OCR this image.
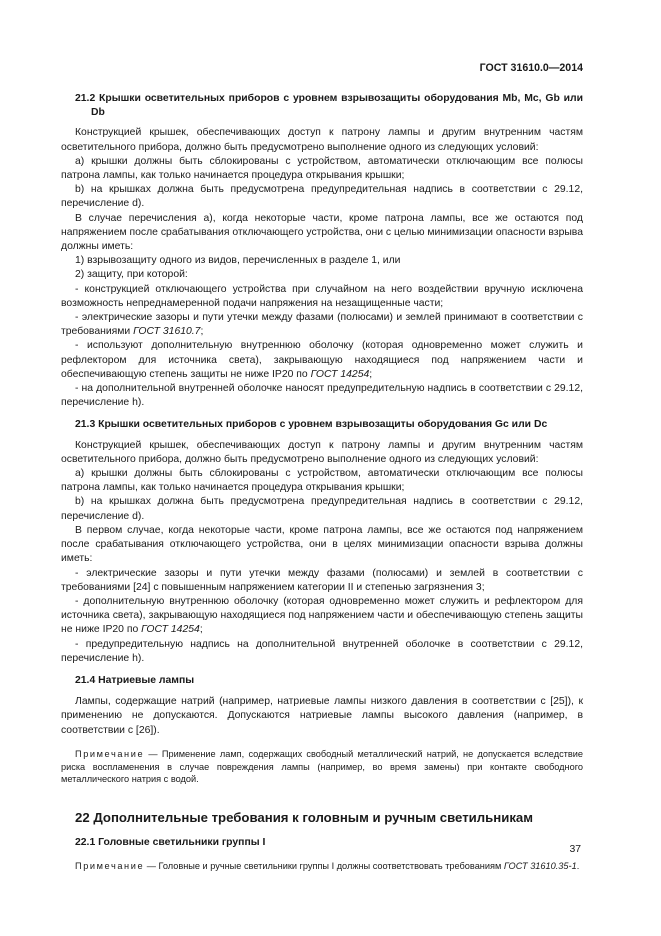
ГОСТ 31610.0—2014

21.2 Крышки осветительных приборов с уровнем взрывозащиты оборудования Mb, Mc, Gb или Db

Конструкцией крышек, обеспечивающих доступ к патрону лампы и другим внутренним частям осветительного прибора, должно быть предусмотрено выполнение одного из следующих условий:

а) крышки должны быть сблокированы с устройством, автоматически отключающим все полюсы патрона лампы, как только начинается процедура открывания крышки;

b) на крышках должна быть предусмотрена предупредительная надпись в соответствии с 29.12, перечисление d).

В случае перечисления а), когда некоторые части, кроме патрона лампы, все же остаются под напряжением после срабатывания отключающего устройства, они с целью минимизации опасности взрыва должны иметь:

1) взрывозащиту одного из видов, перечисленных в разделе 1, или

2) защиту, при которой:

- конструкцией отключающего устройства при случайном на него воздействии вручную исключена возможность непреднамеренной подачи напряжения на незащищенные части;

- электрические зазоры и пути утечки между фазами (полюсами) и землей принимают в соответствии с требованиями ГОСТ 31610.7;

- используют дополнительную внутреннюю оболочку (которая одновременно может служить и рефлектором для источника света), закрывающую находящиеся под напряжением части и обеспечивающую степень защиты не ниже IP20 по ГОСТ 14254;

- на дополнительной внутренней оболочке наносят предупредительную надпись в соответствии с 29.12, перечисление h).

21.3 Крышки осветительных приборов с уровнем взрывозащиты оборудования Gc или Dc

Конструкцией крышек, обеспечивающих доступ к патрону лампы и другим внутренним частям осветительного прибора, должно быть предусмотрено выполнение одного из следующих условий:

а) крышки должны быть сблокированы с устройством, автоматически отключающим все полюсы патрона лампы, как только начинается процедура открывания крышки;

b) на крышках должна быть предусмотрена предупредительная надпись в соответствии с 29.12, перечисление d).

В первом случае, когда некоторые части, кроме патрона лампы, все же остаются под напряжением после срабатывания отключающего устройства, они в целях минимизации опасности взрыва должны иметь:

- электрические зазоры и пути утечки между фазами (полюсами) и землей в соответствии с требованиями [24] с повышенным напряжением категории II и степенью загрязнения 3;

- дополнительную внутреннюю оболочку (которая одновременно может служить и рефлектором для источника света), закрывающую находящиеся под напряжением части и обеспечивающую степень защиты не ниже IP20 по ГОСТ 14254;

- предупредительную надпись на дополнительной внутренней оболочке в соответствии с 29.12, перечисление h).

21.4 Натриевые лампы

Лампы, содержащие натрий (например, натриевые лампы низкого давления в соответствии с [25]), к применению не допускаются. Допускаются натриевые лампы высокого давления (например, в соответствии с [26]).

Примечание — Применение ламп, содержащих свободный металлический натрий, не допускается вследствие риска воспламенения в случае повреждения лампы (например, во время замены) при контакте свободного металлического натрия с водой.

22 Дополнительные требования к головным и ручным светильникам

22.1 Головные светильники группы I

Примечание — Головные и ручные светильники группы I должны соответствовать требованиям ГОСТ 31610.35-1.

37
